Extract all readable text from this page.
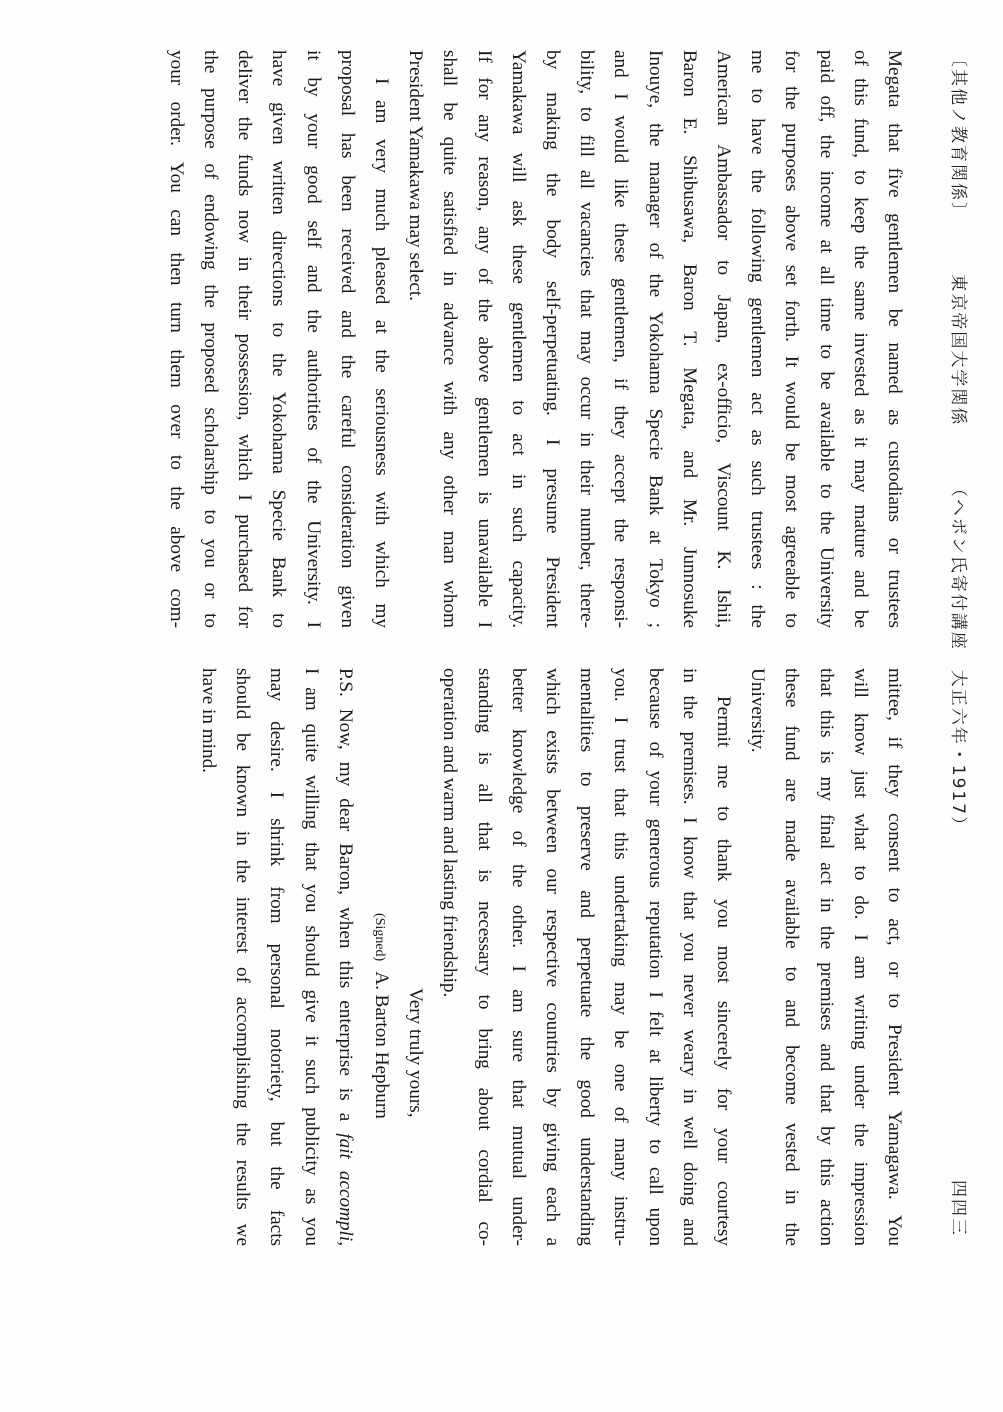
〔其他ノ教育関係〕 東京帝国大学関係 （ヘボン氏寄付講座　大正六年・1917）
四四三
Megata that five gentlemen be named as custodians or trustees
of this fund, to keep the same invested as it may mature and be
paid off, the income at all time to be available to the University
for the purposes above set forth. It would be most agreeable to
me to have the following gentlemen act as such trustees : the
American Ambassador to Japan, ex-officio, Viscount K. Ishii,
Baron E. Shibusawa, Baron T. Megata, and Mr. Junnosuke
Inouye, the manager of the Yokohama Specie Bank at Tokyo ;
and I would like these gentlemen, if they accept the responsi-
bility, to fill all vacancies that may occur in their number, there-
by making the body self-perpetuating. I presume President
Yamakawa will ask these gentlemen to act in such capacity.
If for any reason, any of the above gentlemen is unavailable I
shall be quite satisfied in advance with any other man whom
President Yamakawa may select.
I am very much pleased at the seriousness with which my
proposal has been received and the careful consideration given
it by your good self and the authorities of the University. I
have given written directions to the Yokohama Specie Bank to
deliver the funds now in their possession, which I purchased for
the purpose of endowing the proposed scholarship to you or to
your order. You can then turn them over to the above com-
mittee, if they consent to act, or to President Yamagawa. You
will know just what to do. I am writing under the impression
that this is my final act in the premises and that by this action
these fund are made available to and become vested in the
University.
Permit me to thank you most sincerely for your courtesy
in the premises. I know that you never weary in well doing and
because of your generous reputation I felt at liberty to call upon
you. I trust that this undertaking may be one of many instru-
mentalities to preserve and perpetuate the good understanding
which exists between our respective countries by giving each a
better knowledge of the other. I am sure that mutual under-
standing is all that is necessary to bring about cordial co-
operation and warm and lasting friendship.
Very truly yours,
(Signed)A. Barton Hepburn
P.S. Now, my dear Baron, when this enterprise is a fait accompli,
I am quite willing that you should give it such publicity as you
may desire. I shrink from personal notoriety, but the facts
should be known in the interest of accomplishing the results we
have in mind.
